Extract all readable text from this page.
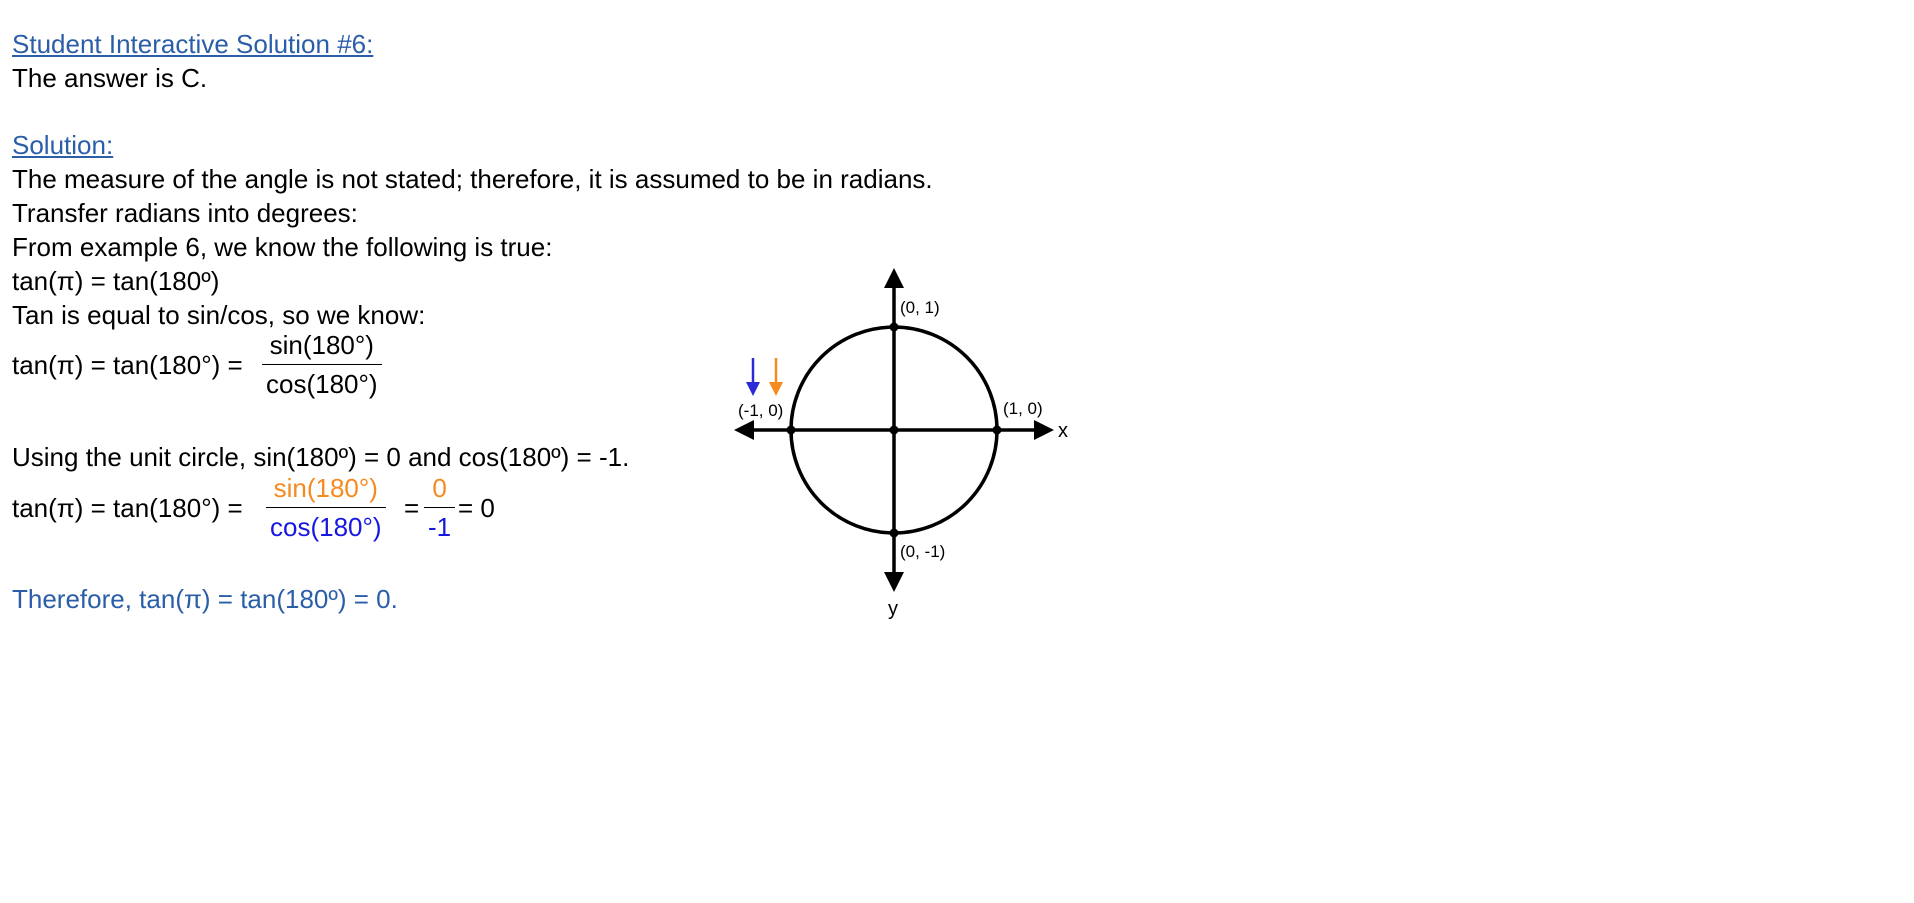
Student Interactive Solution #6:
The answer is C.
Solution:
The measure of the angle is not stated; therefore, it is assumed to be in radians.
Transfer radians into degrees:
From example 6, we know the following is true:
tan(π) = tan(180º)
Tan is equal to sin/cos, so we know:
$\tan(\pi) = \tan(180^\circ) = \frac{\sin(180^\circ)}{\cos(180^\circ)}$
Using the unit circle, sin(180º) = 0 and cos(180º) = -1.
$\tan(\pi) = \tan(180^\circ) = \frac{\sin(180^\circ)}{\cos(180^\circ)} = \frac{0}{-1} = 0$
Therefore, tan(π) = tan(180º) = 0.
(0, 1)
(1, 0)
(-1, 0)
(0, -1)
x
y
